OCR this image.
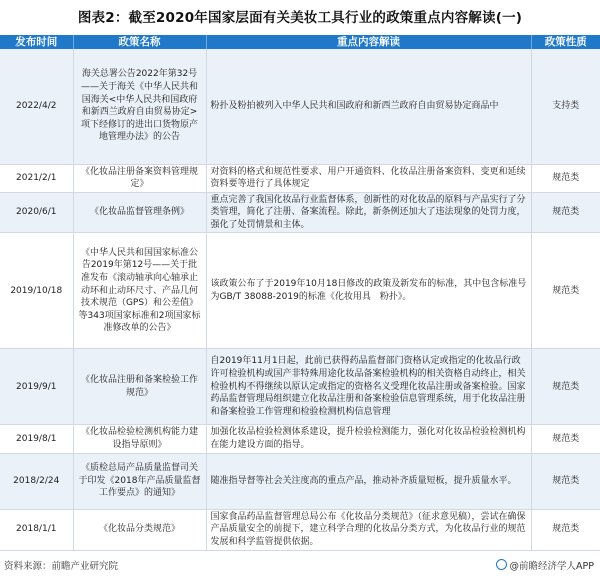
图表2：截至2020年国家层面有关美妆工具行业的政策重点内容解读(一)
发布时间	政策名称	重点内容解读	政策性质
2022/4/2	海关总署公告2022年第32号——关于海关《中华人民共和国海关<中华人民共和国政府和新西兰政府自由贸易协定>项下经修订的进出口货物原产地管理办法》的公告	粉扑及粉拍被列入中华人民共和国政府和新西兰政府自由贸易协定商品中	支持类
2021/2/1	《化妆品注册备案资料管理规定》	对资料的格式和规范性要求、用户开通资料、化妆品注册备案资料、变更和延续资料要等进行了具体规定	规范类
2020/6/1	《化妆品监督管理条例》	重点完善了我国化妆品行业监督体系，创新性的对化妆品的原料与产品实行了分类管理，简化了注册、备案流程。除此，新条例还加大了违法现象的处罚力度，强化了处罚情景和主体。	规范类
2019/10/18	《中华人民共和国国家标准公告2019年第12号——关于批准发布《滚动轴承向心轴承止动环和止动环尺寸、产品几何技术规范（GPS）和公差值》等343项国家标准和2项国家标准修改单的公告》	该政策公布了于2019年10月18日修改的政策及新发布的标准，其中包含标准号为GB/T 38088-2019的标准《化妆用具　粉扑》。	规范类
2019/9/1	《化妆品注册和备案检验工作规范》	自2019年11月1日起，此前已获得药品监督部门资格认定或指定的化妆品行政许可检验机构或国产非特殊用途化妆品备案检验机构的相关资格自动终止，相关检验机构不得继续以原认定或指定的资格名义受理化妆品注册或备案检验。国家药品监督管理局组织建立化妆品注册和备案检验信息管理系统，用于化妆品注册和备案检验工作管理和检验检测机构信息管理	规范类
2019/8/1	《化妆品检验检测机构能力建设指导原则》	加强化妆品检验检测体系建设，提升检验检测能力，强化对化妆品检验检测机构在能力建设方面的指导。	规范类
2018/2/24	《质检总局产品质量监督司关于印发《2018年产品质量监督工作要点》的通知》	随准指导督等社会关注度高的重点产品，推动补齐质量短板，提升质量水平。	规范类
2018/1/1	《化妆品分类规范》	国家食品药品监督管理总局公布《化妆品分类规范》（征求意见稿），尝试在确保产品质量安全的前提下，建立科学合理的化妆品分类方式，为化妆品行业的规范发展和科学监管提供依据。	规范类
资料来源：前瞻产业研究院	@前瞻经济学人APP
